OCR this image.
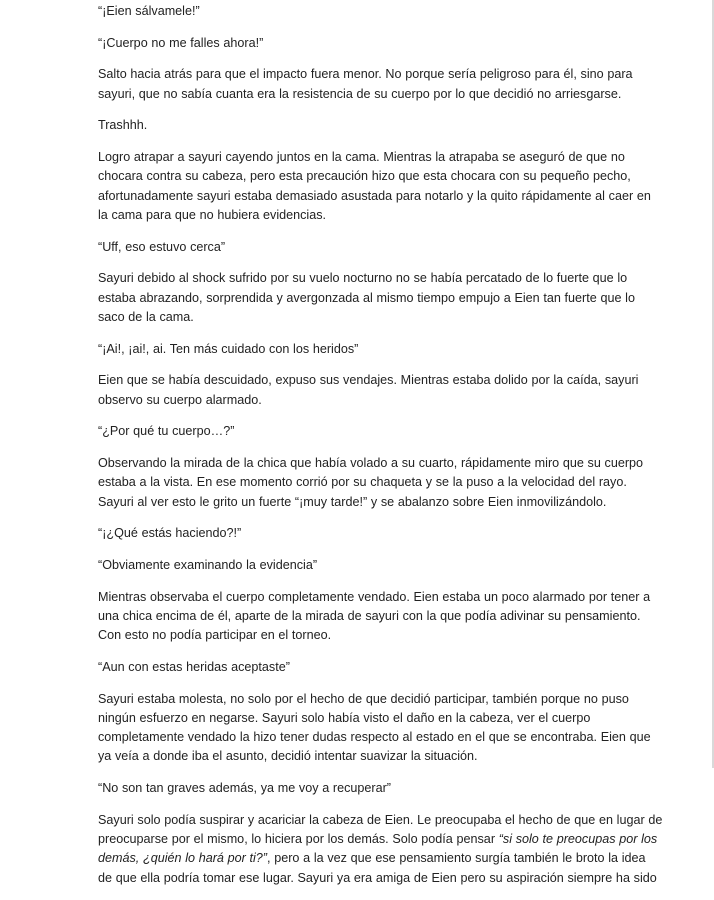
“¡Eien sálvamele!”

“¡Cuerpo no me falles ahora!”

Salto hacia atrás para que el impacto fuera menor. No porque sería peligroso para él, sino para
sayuri, que no sabía cuanta era la resistencia de su cuerpo por lo que decidió no arriesgarse.

Trashhh.

Logro atrapar a sayuri cayendo juntos en la cama. Mientras la atrapaba se aseguró de que no
chocara contra su cabeza, pero esta precaución hizo que esta chocara con su pequeño pecho,
afortunadamente sayuri estaba demasiado asustada para notarlo y la quito rápidamente al caer en
la cama para que no hubiera evidencias.

“Uff, eso estuvo cerca”

Sayuri debido al shock sufrido por su vuelo nocturno no se había percatado de lo fuerte que lo
estaba abrazando, sorprendida y avergonzada al mismo tiempo empujo a Eien tan fuerte que lo
saco de la cama.

“¡Ai!, ¡ai!, ai. Ten más cuidado con los heridos”

Eien que se había descuidado, expuso sus vendajes. Mientras estaba dolido por la caída, sayuri
observo su cuerpo alarmado.

“¿Por qué tu cuerpo…?”

Observando la mirada de la chica que había volado a su cuarto, rápidamente miro que su cuerpo
estaba a la vista. En ese momento corrió por su chaqueta y se la puso a la velocidad del rayo.
Sayuri al ver esto le grito un fuerte “¡muy tarde!” y se abalanzo sobre Eien inmovilizándolo.

“¡¿Qué estás haciendo?!”

“Obviamente examinando la evidencia”

Mientras observaba el cuerpo completamente vendado. Eien estaba un poco alarmado por tener a
una chica encima de él, aparte de la mirada de sayuri con la que podía adivinar su pensamiento.
Con esto no podía participar en el torneo.

“Aun con estas heridas aceptaste”

Sayuri estaba molesta, no solo por el hecho de que decidió participar, también porque no puso
ningún esfuerzo en negarse. Sayuri solo había visto el daño en la cabeza, ver el cuerpo
completamente vendado la hizo tener dudas respecto al estado en el que se encontraba. Eien que
ya veía a donde iba el asunto, decidió intentar suavizar la situación.

“No son tan graves además, ya me voy a recuperar”

Sayuri solo podía suspirar y acariciar la cabeza de Eien. Le preocupaba el hecho de que en lugar de
preocuparse por el mismo, lo hiciera por los demás. Solo podía pensar “si solo te preocupas por los
demás, ¿quién lo hará por ti?”, pero a la vez que ese pensamiento surgía también le broto la idea
de que ella podría tomar ese lugar. Sayuri ya era amiga de Eien pero su aspiración siempre ha sido
